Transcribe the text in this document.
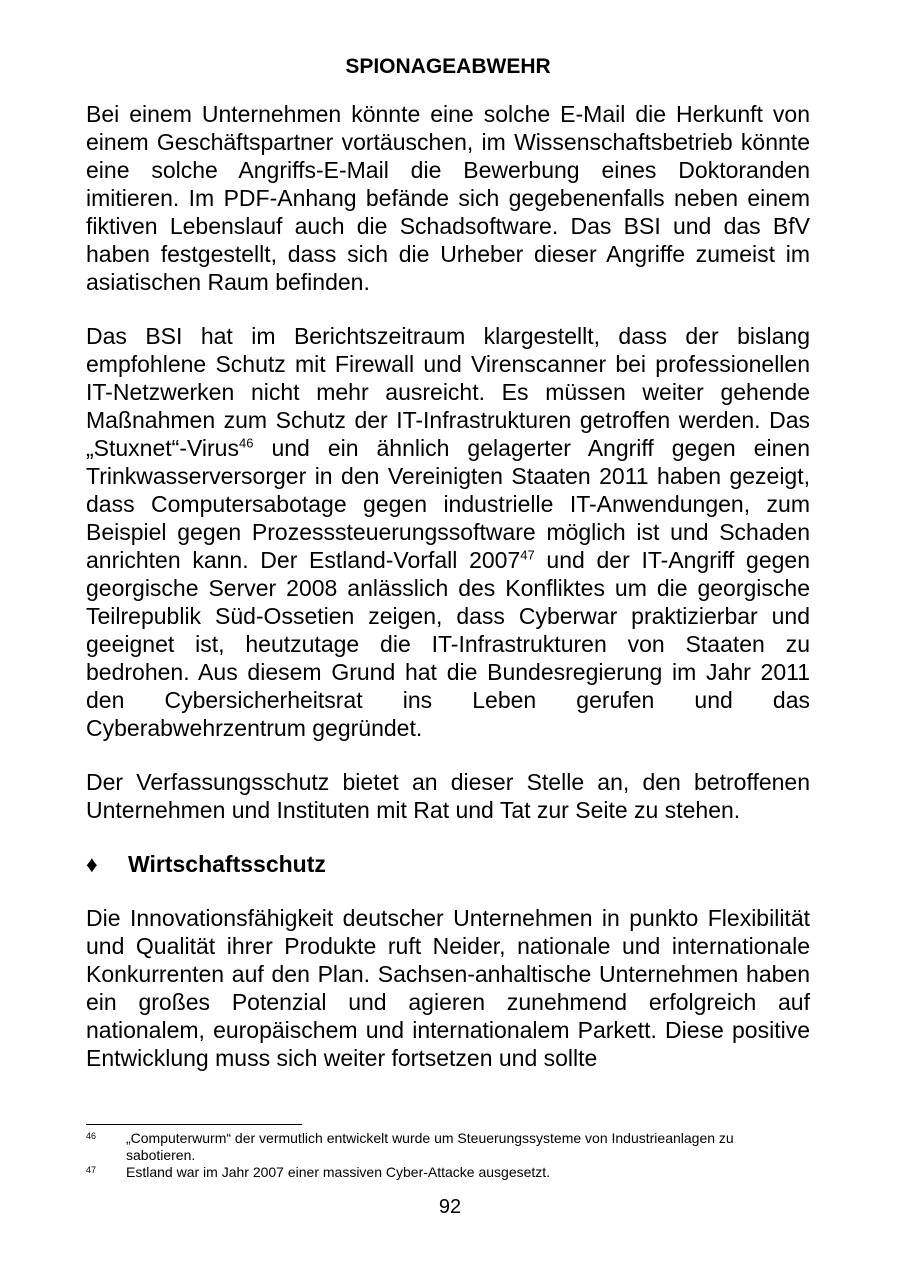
SPIONAGEABWEHR

Bei einem Unternehmen könnte eine solche E-Mail die Herkunft von einem Geschäftspartner vortäuschen, im Wissenschaftsbetrieb könnte eine solche Angriffs-E-Mail die Bewerbung eines Doktoranden imitieren. Im PDF-Anhang befände sich gegebenenfalls neben einem fiktiven Lebenslauf auch die Schadsoftware. Das BSI und das BfV haben festgestellt, dass sich die Urheber dieser Angriffe zumeist im asiatischen Raum befinden.

Das BSI hat im Berichtszeitraum klargestellt, dass der bislang empfohlene Schutz mit Firewall und Virenscanner bei professionellen IT-Netzwerken nicht mehr ausreicht. Es müssen weiter gehende Maßnahmen zum Schutz der IT-Infrastrukturen getroffen werden. Das „Stuxnet“-Virus$^{46}$ und ein ähnlich gelagerter Angriff gegen einen Trinkwasserversorger in den Vereinigten Staaten 2011 haben gezeigt, dass Computersabotage gegen industrielle IT-Anwendungen, zum Beispiel gegen Prozesssteuerungssoftware möglich ist und Schaden anrichten kann. Der Estland-Vorfall 2007$^{47}$ und der IT-Angriff gegen georgische Server 2008 anlässlich des Konfliktes um die georgische Teilrepublik Süd-Ossetien zeigen, dass Cyberwar praktizierbar und geeignet ist, heutzutage die IT-Infrastrukturen von Staaten zu bedrohen. Aus diesem Grund hat die Bundesregierung im Jahr 2011 den Cybersicherheitsrat ins Leben gerufen und das Cyberabwehrzentrum gegründet.

Der Verfassungsschutz bietet an dieser Stelle an, den betroffenen Unternehmen und Instituten mit Rat und Tat zur Seite zu stehen.

♦	Wirtschaftsschutz

Die Innovationsfähigkeit deutscher Unternehmen in punkto Flexibilität und Qualität ihrer Produkte ruft Neider, nationale und internationale Konkurrenten auf den Plan. Sachsen-anhaltische Unternehmen haben ein großes Potenzial und agieren zunehmend erfolgreich auf nationalem, europäischem und internationalem Parkett. Diese positive Entwicklung muss sich weiter fortsetzen und sollte

46	„Computerwurm“ der vermutlich entwickelt wurde um Steuerungssysteme von Industrieanlagen zu sabotieren.
47	Estland war im Jahr 2007 einer massiven Cyber-Attacke ausgesetzt.
92
